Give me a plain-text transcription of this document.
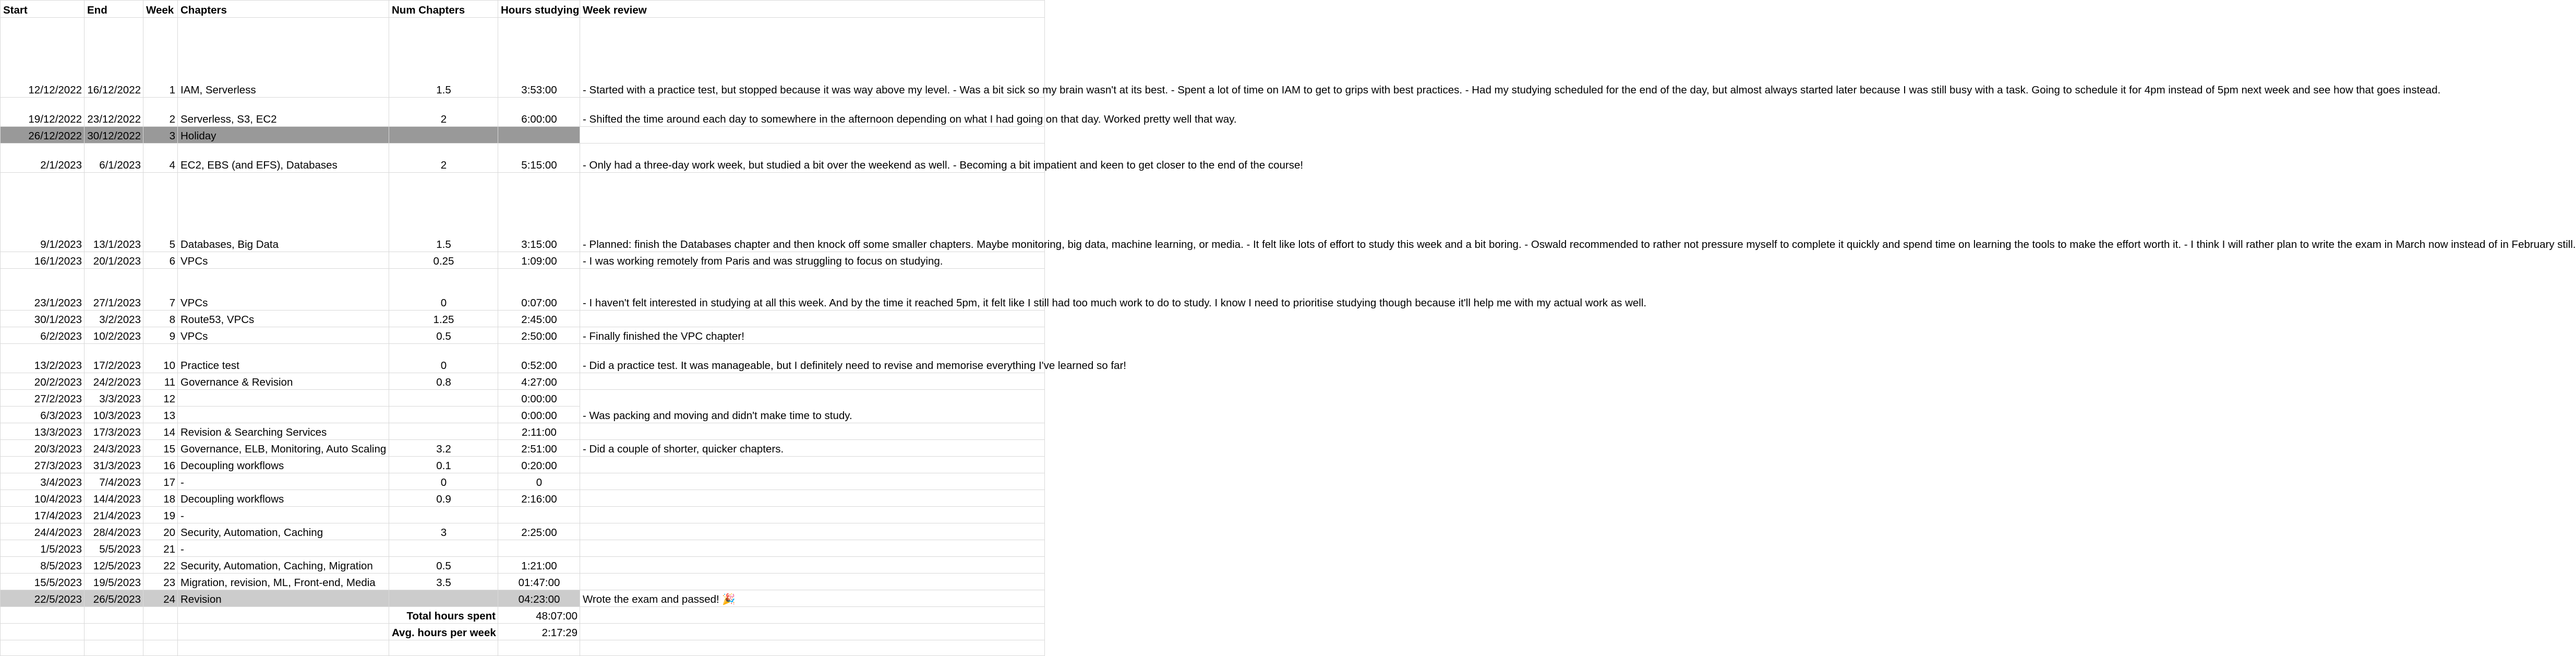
Start	End	Week	Chapters	Num Chapters	Hours studying	Week review
12/12/2022	16/12/2022	1	IAM, Serverless	1.5	3:53:00	- Started with a practice test, but stopped because it was way above my level. - Was a bit sick so my brain wasn't at its best. - Spent a lot of time on IAM to get to grips with best practices. - Had my studying scheduled for the end of the day, but almost always started later because I was still busy with a task. Going to schedule it for 4pm instead of 5pm next week and see how that goes instead.
19/12/2022	23/12/2022	2	Serverless, S3, EC2	2	6:00:00	- Shifted the time around each day to somewhere in the afternoon depending on what I had going on that day. Worked pretty well that way.
26/12/2022	30/12/2022	3	Holiday			
2/1/2023	6/1/2023	4	EC2, EBS (and EFS), Databases	2	5:15:00	- Only had a three-day work week, but studied a bit over the weekend as well. - Becoming a bit impatient and keen to get closer to the end of the course!
9/1/2023	13/1/2023	5	Databases, Big Data	1.5	3:15:00	- Planned: finish the Databases chapter and then knock off some smaller chapters. Maybe monitoring, big data, machine learning, or media. - It felt like lots of effort to study this week and a bit boring. - Oswald recommended to rather not pressure myself to complete it quickly and spend time on learning the tools to make the effort worth it. - I think I will rather plan to write the exam in March now instead of in February still.
16/1/2023	20/1/2023	6	VPCs	0.25	1:09:00	- I was working remotely from Paris and was struggling to focus on studying.
23/1/2023	27/1/2023	7	VPCs	0	0:07:00	- I haven't felt interested in studying at all this week. And by the time it reached 5pm, it felt like I still had too much work to do to study. I know I need to prioritise studying though because it'll help me with my actual work as well.
30/1/2023	3/2/2023	8	Route53, VPCs	1.25	2:45:00	
6/2/2023	10/2/2023	9	VPCs	0.5	2:50:00	- Finally finished the VPC chapter!
13/2/2023	17/2/2023	10	Practice test	0	0:52:00	- Did a practice test. It was manageable, but I definitely need to revise and memorise everything I've learned so far!
20/2/2023	24/2/2023	11	Governance & Revision	0.8	4:27:00	
27/2/2023	3/3/2023	12			0:00:00	- Was packing and moving and didn't make time to study.
6/3/2023	10/3/2023	13			0:00:00	
13/3/2023	17/3/2023	14	Revision & Searching Services		2:11:00	
20/3/2023	24/3/2023	15	Governance, ELB, Monitoring, Auto Scaling	3.2	2:51:00	- Did a couple of shorter, quicker chapters.
27/3/2023	31/3/2023	16	Decoupling workflows	0.1	0:20:00	
3/4/2023	7/4/2023	17	-	0	0	
10/4/2023	14/4/2023	18	Decoupling workflows	0.9	2:16:00	
17/4/2023	21/4/2023	19	-			
24/4/2023	28/4/2023	20	Security, Automation, Caching	3	2:25:00	
1/5/2023	5/5/2023	21	-			
8/5/2023	12/5/2023	22	Security, Automation, Caching, Migration	0.5	1:21:00	
15/5/2023	19/5/2023	23	Migration, revision, ML, Front-end, Media	3.5	01:47:00	
22/5/2023	26/5/2023	24	Revision		04:23:00	Wrote the exam and passed! 🎉
				Total hours spent	48:07:00	
				Avg. hours per week	2:17:29	
